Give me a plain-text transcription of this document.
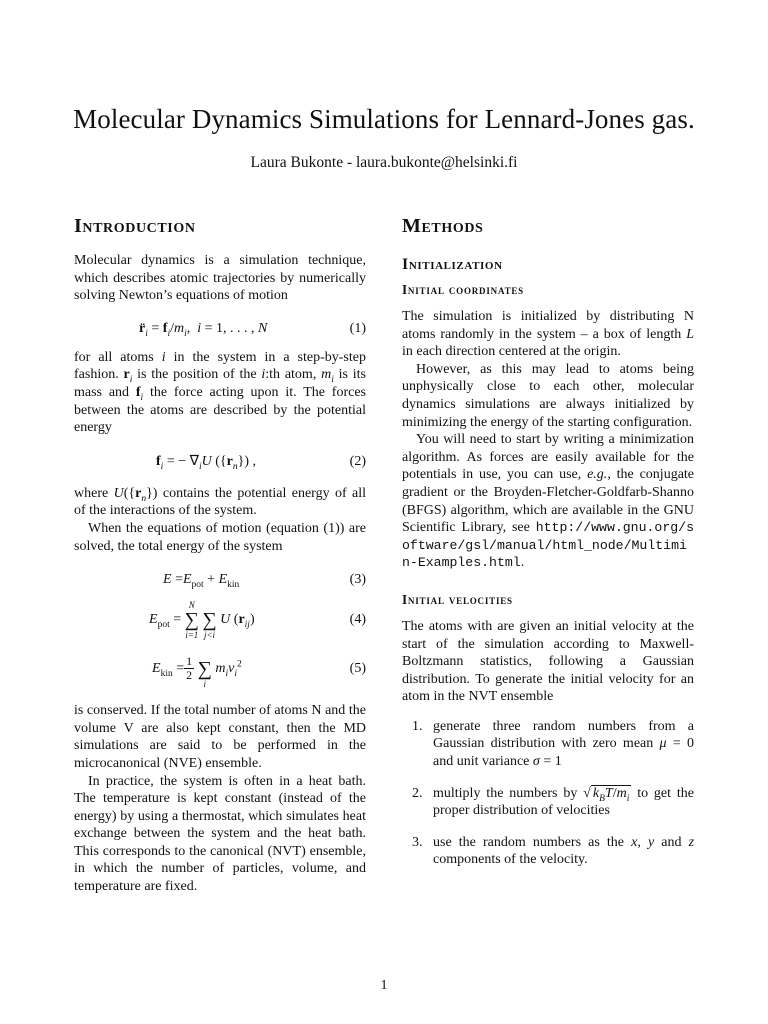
Molecular Dynamics Simulations for Lennard-Jones gas.
Laura Bukonte - laura.bukonte@helsinki.fi
Introduction

Molecular dynamics is a simulation technique, which describes atomic trajectories by numerically solving Newton’s equations of motion

$r̈_i = f_i/m_i$,  i = 1, . . . , N	(1)

for all atoms i in the system in a step-by-step fashion. $r_i$ is the position of the i:th atom, $m_i$ is its mass and $f_i$ the force acting upon it. The forces between the atoms are described by the potential energy

$f_i$ = − $\nabla_iU$ $(\{r_n\})$ ,	(2)

where $U(\{r_n\})$ contains the potential energy of all of the interactions of the system.

When the equations of motion (equation (1)) are solved, the total energy of the system

$E =E_{pot} + E_{kin}$	(3)
$E_{pot}$ =
N
∑
i=1

∑
j<i
U $(r_{ij})$	(4)
$E_{kin} = \frac{1}{2}$

∑
i
$m_iv_i^2$	(5)

is conserved. If the total number of atoms N and the volume V are also kept constant, then the MD simulations are said to be performed in the microcanonical (NVE) ensemble.

In practice, the system is often in a heat bath. The temperature is kept constant (instead of the energy) by using a thermostat, which simulates heat exchange between the system and the heat bath. This corresponds to the canonical (NVT) ensemble, in which the number of particles, volume, and temperature are fixed.

Methods
Initialization
Initial coordinates

The simulation is initialized by distributing N atoms randomly in the system – a box of length L in each direction centered at the origin.

However, as this may lead to atoms being unphysically close to each other, molecular dynamics simulations are always initialized by minimizing the energy of the starting configuration.

You will need to start by writing a minimization algorithm. As forces are easily available for the potentials in use, you can use, e.g., the conjugate gradient or the Broyden-Fletcher-Goldfarb-Shanno (BFGS) algorithm, which are available in the GNU Scientific Library, see http://www.gnu.org/software/gsl/manual/html_node/Multimin-Examples.html.

Initial velocities

The atoms with are given an initial velocity at the start of the simulation according to Maxwell-Boltzmann statistics, following a Gaussian distribution. To generate the initial velocity for an atom in the NVT ensemble

1. generate three random numbers from a Gaussian distribution with zero mean μ = 0 and unit variance σ = 1
2. multiply the numbers by √ $k_BT/m_i$ to get the proper distribution of velocities
3. use the random numbers as the x, y and z components of the velocity.
1
